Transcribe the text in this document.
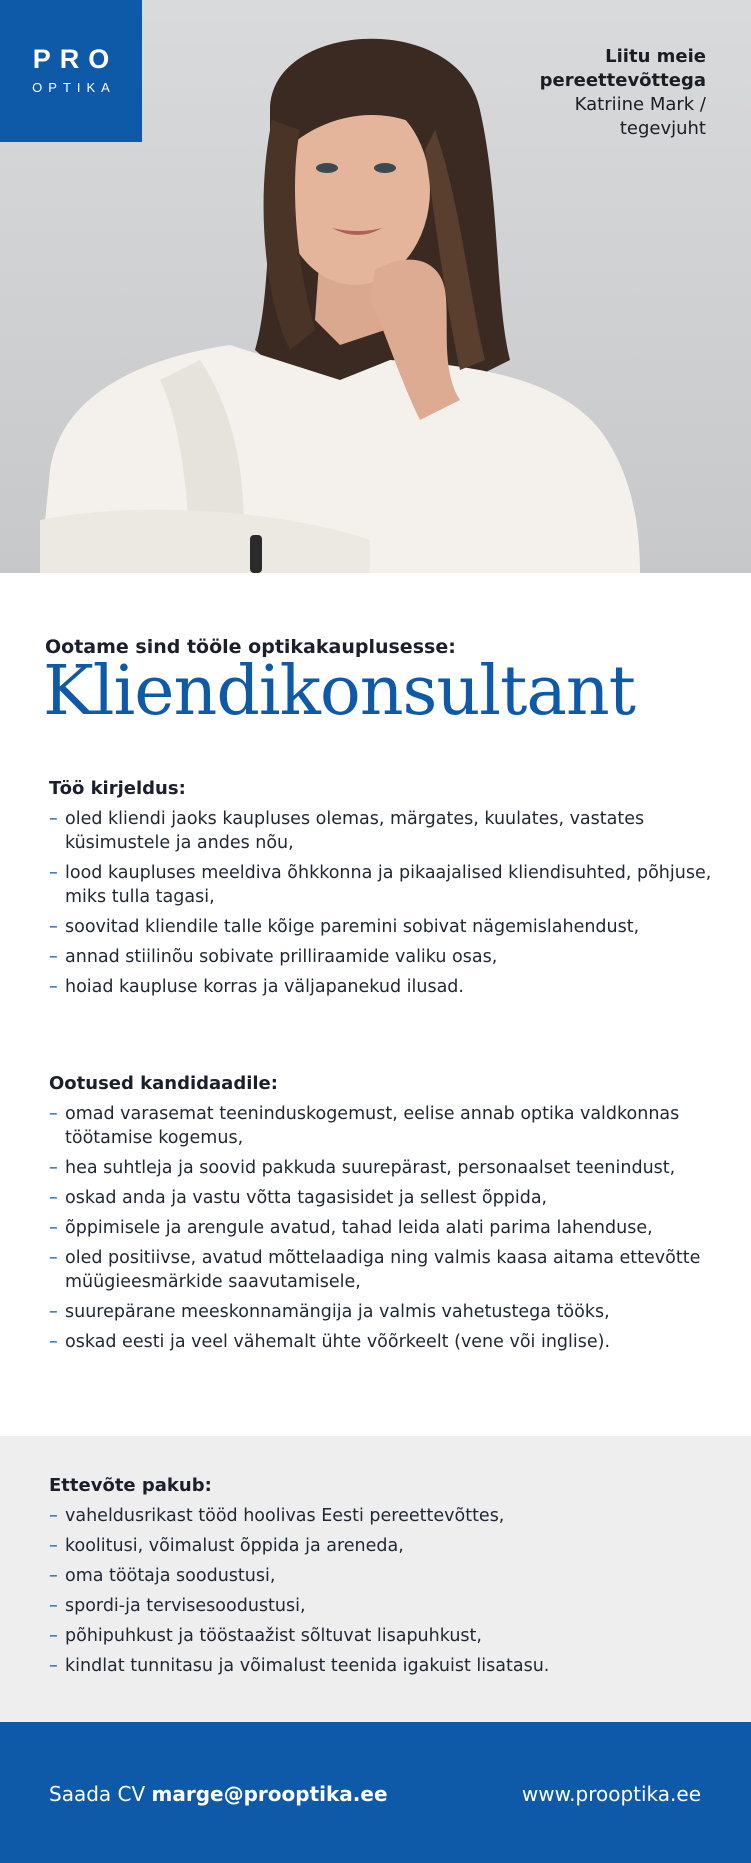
PRO
OPTIKA
Liitu meie
pereettevõttega
Katriine Mark /
tegevjuht
Ootame sind tööle optikakauplusesse:
Kliendikonsultant
Töö kirjeldus:
– oled kliendi jaoks kaupluses olemas, märgates, kuulates, vastates küsimustele ja andes nõu,
– lood kaupluses meeldiva õhkkonna ja pikaajalised kliendisuhted, põhjuse, miks tulla tagasi,
– soovitad kliendile talle kõige paremini sobivat nägemislahendust,
– annad stiilinõu sobivate prilliraamide valiku osas,
– hoiad kaupluse korras ja väljapanekud ilusad.
Ootused kandidaadile:
– omad varasemat teeninduskogemust, eelise annab optika valdkonnas töötamise kogemus,
– hea suhtleja ja soovid pakkuda suurepärast, personaalset teenindust,
– oskad anda ja vastu võtta tagasisidet ja sellest õppida,
– õppimisele ja arengule avatud, tahad leida alati parima lahenduse,
– oled positiivse, avatud mõttelaadiga ning valmis kaasa aitama ettevõtte müügieesmärkide saavutamisele,
– suurepärane meeskonnamängija ja valmis vahetustega tööks,
– oskad eesti ja veel vähemalt ühte võõrkeelt (vene või inglise).
Ettevõte pakub:
– vaheldusrikast tööd hoolivas Eesti pereettevõttes,
– koolitusi, võimalust õppida ja areneda,
– oma töötaja soodustusi,
– spordi-ja tervisesoodustusi,
– põhipuhkust ja tööstaažist sõltuvat lisapuhkust,
– kindlat tunnitasu ja võimalust teenida igakuist lisatasu.
Saada CV marge@prooptika.ee	www.prooptika.ee
